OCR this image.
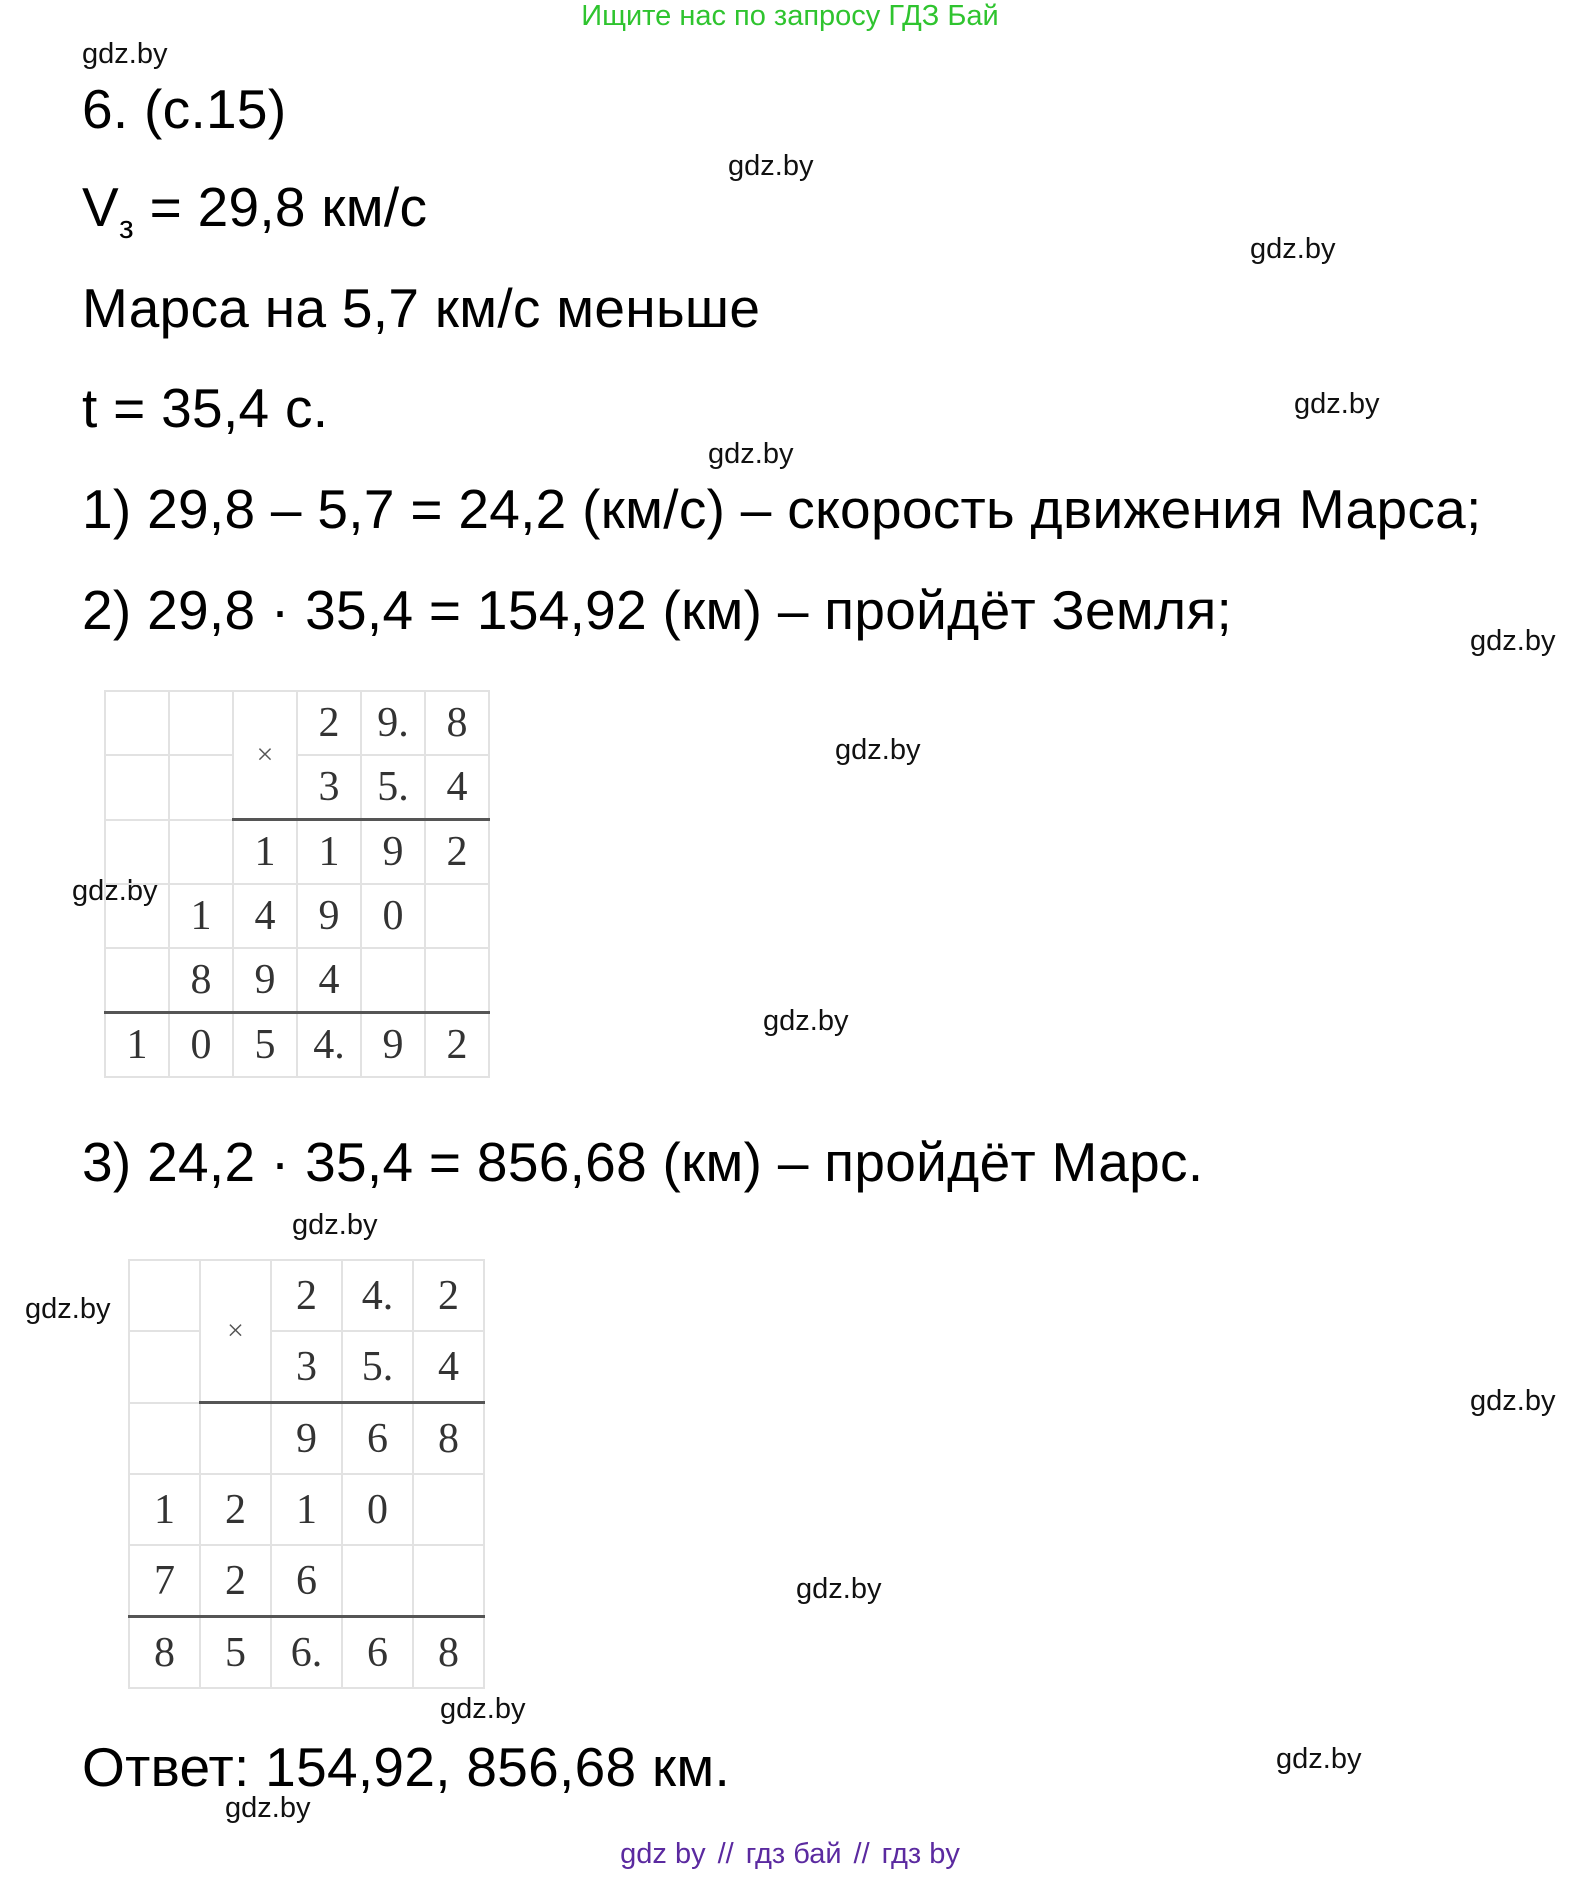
Ищите нас по запросу ГДЗ Бай
gdz.by
gdz.by
gdz.by
gdz.by
gdz.by
gdz.by
gdz.by
gdz.by
gdz.by
gdz.by
gdz.by
gdz.by
gdz.by
gdz.by
gdz.by
gdz.by
6. (с.15)
$V_з = 29,8$ км/с
Марса на 5,7 км/с меньше
t = 35,4 с.
1) 29,8 – 5,7 = 24,2 (км/с) – скорость движения Марса;
2) 29,8 · 35,4 = 154,92 (км) – пройдёт Земля;
		×	2	9.	8
			3	5.	4
		1	1	9	2
	1	4	9	0	
	8	9	4		
1	0	5	4.	9	2
3) 24,2 · 35,4 = 856,68 (км) – пройдёт Марс.
	×	2	4.	2
		3	5.	4
		9	6	8
1	2	1	0	
7	2	6		
8	5	6.	6	8
Ответ: 154,92, 856,68 км.
gdz by // гдз бай // гдз by
